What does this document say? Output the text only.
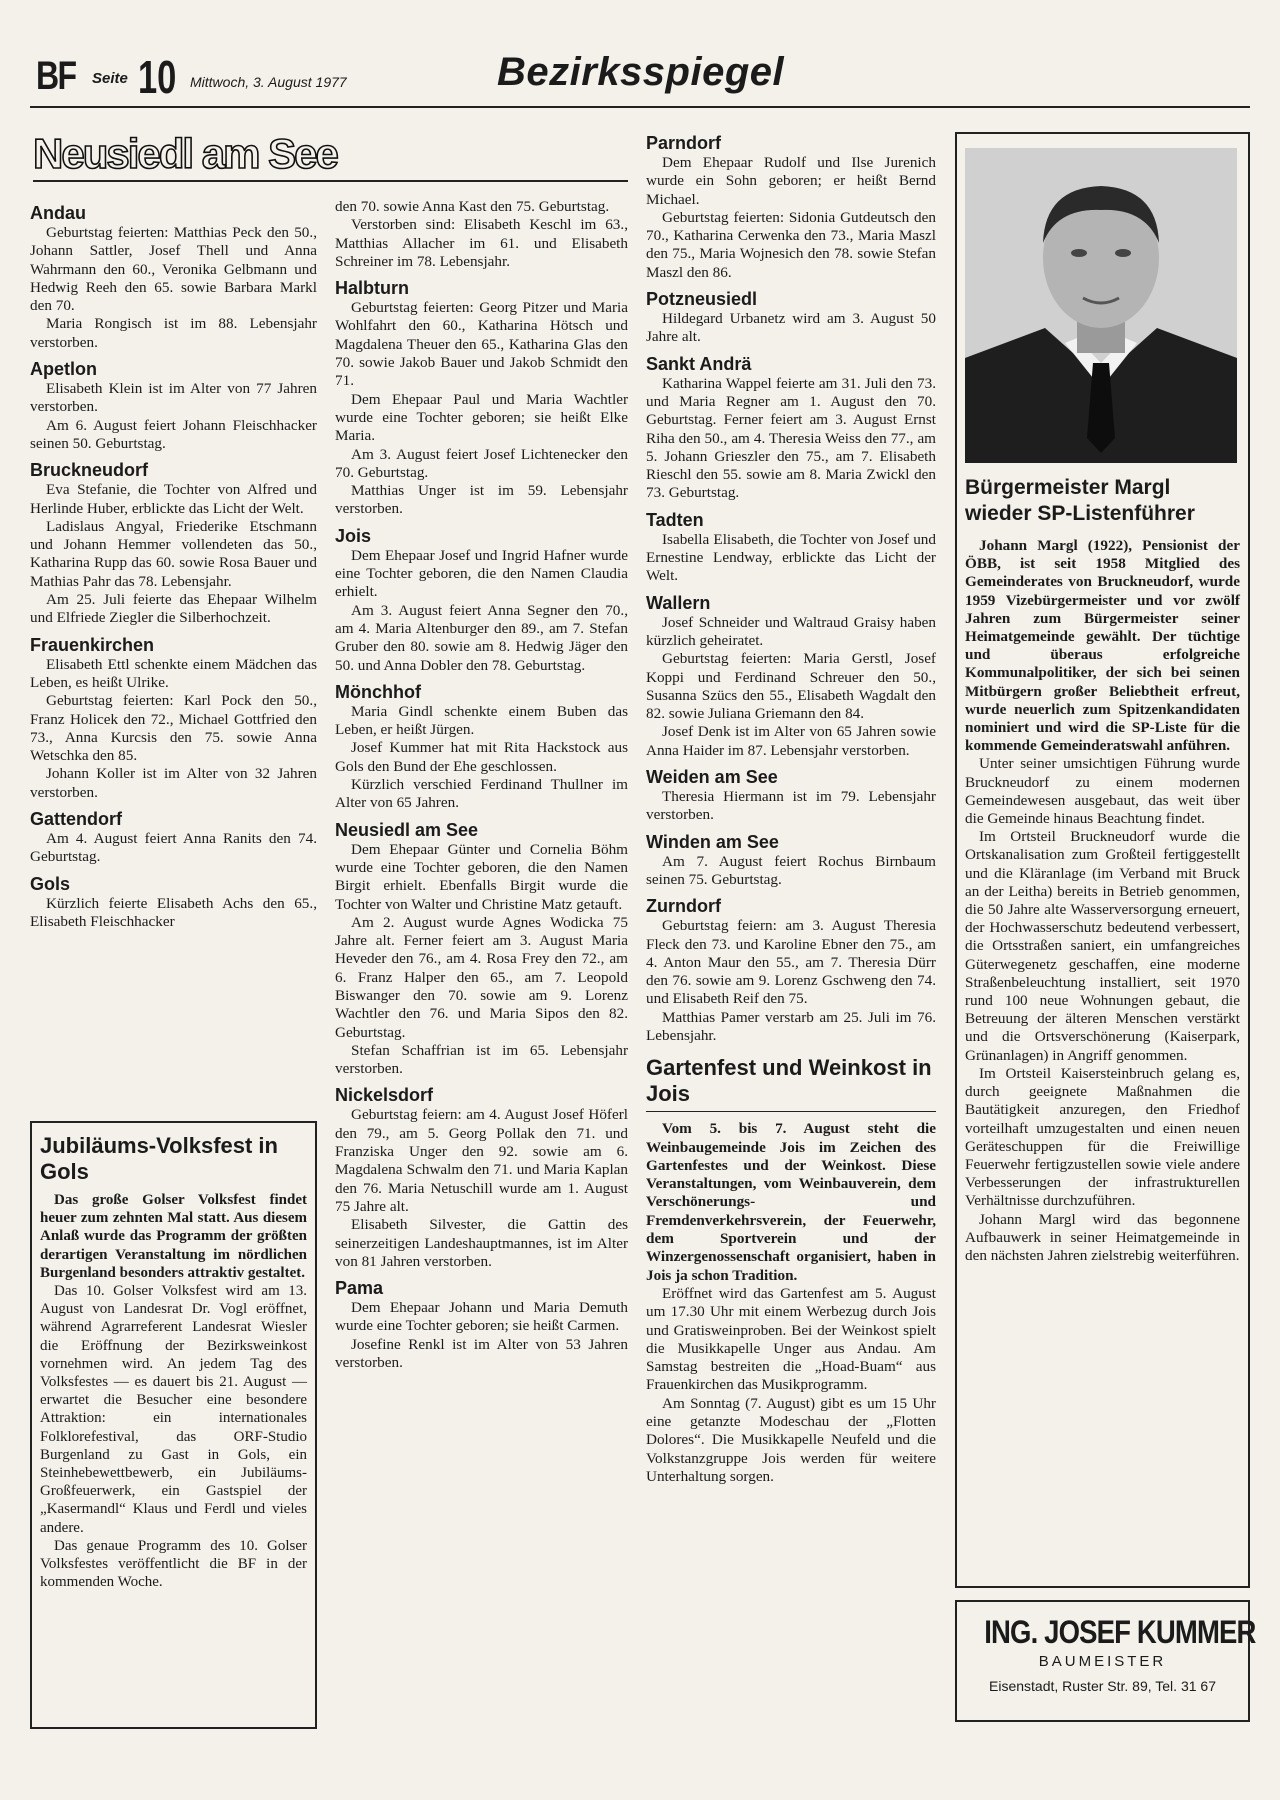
BF Seite 10 Mittwoch, 3. August 1977	Bezirksspiegel
Neusiedl am See
Andau

Geburtstag feierten: Matthias Peck den 50., Johann Sattler, Josef Thell und Anna Wahrmann den 60., Veronika Gelbmann und Hedwig Reeh den 65. sowie Barbara Markl den 70.

Maria Rongisch ist im 88. Lebensjahr verstorben.

Apetlon

Elisabeth Klein ist im Alter von 77 Jahren verstorben.

Am 6. August feiert Johann Fleischhacker seinen 50. Geburtstag.

Bruckneudorf

Eva Stefanie, die Tochter von Alfred und Herlinde Huber, erblickte das Licht der Welt.

Ladislaus Angyal, Friederike Etschmann und Johann Hemmer vollendeten das 50., Katharina Rupp das 60. sowie Rosa Bauer und Mathias Pahr das 78. Lebensjahr.

Am 25. Juli feierte das Ehepaar Wilhelm und Elfriede Ziegler die Silberhochzeit.

Frauenkirchen

Elisabeth Ettl schenkte einem Mädchen das Leben, es heißt Ulrike.

Geburtstag feierten: Karl Pock den 50., Franz Holicek den 72., Michael Gottfried den 73., Anna Kurcsis den 75. sowie Anna Wetschka den 85.

Johann Koller ist im Alter von 32 Jahren verstorben.

Gattendorf

Am 4. August feiert Anna Ranits den 74. Geburtstag.

Gols

Kürzlich feierte Elisabeth Achs den 65., Elisabeth Fleischhacker

Jubiläums-Volksfest in Gols

Das große Golser Volksfest findet heuer zum zehnten Mal statt. Aus diesem Anlaß wurde das Programm der größten derartigen Veranstaltung im nördlichen Burgenland besonders attraktiv gestaltet.

Das 10. Golser Volksfest wird am 13. August von Landesrat Dr. Vogl eröffnet, während Agrarreferent Landesrat Wiesler die Eröffnung der Bezirksweinkost vornehmen wird. An jedem Tag des Volksfestes — es dauert bis 21. August — erwartet die Besucher eine besondere Attraktion: ein internationales Folklorefestival, das ORF-Studio Burgenland zu Gast in Gols, ein Steinhebewettbewerb, ein Jubiläums-Großfeuerwerk, ein Gastspiel der „Kasermandl“ Klaus und Ferdl und vieles andere.

Das genaue Programm des 10. Golser Volksfestes veröffentlicht die BF in der kommenden Woche.

den 70. sowie Anna Kast den 75. Geburtstag.

Verstorben sind: Elisabeth Keschl im 63., Matthias Allacher im 61. und Elisabeth Schreiner im 78. Lebensjahr.

Halbturn

Geburtstag feierten: Georg Pitzer und Maria Wohlfahrt den 60., Katharina Hötsch und Magdalena Theuer den 65., Katharina Glas den 70. sowie Jakob Bauer und Jakob Schmidt den 71.

Dem Ehepaar Paul und Maria Wachtler wurde eine Tochter geboren; sie heißt Elke Maria.

Am 3. August feiert Josef Lichtenecker den 70. Geburtstag.

Matthias Unger ist im 59. Lebensjahr verstorben.

Jois

Dem Ehepaar Josef und Ingrid Hafner wurde eine Tochter geboren, die den Namen Claudia erhielt.

Am 3. August feiert Anna Segner den 70., am 4. Maria Altenburger den 89., am 7. Stefan Gruber den 80. sowie am 8. Hedwig Jäger den 50. und Anna Dobler den 78. Geburtstag.

Mönchhof

Maria Gindl schenkte einem Buben das Leben, er heißt Jürgen.

Josef Kummer hat mit Rita Hackstock aus Gols den Bund der Ehe geschlossen.

Kürzlich verschied Ferdinand Thullner im Alter von 65 Jahren.

Neusiedl am See

Dem Ehepaar Günter und Cornelia Böhm wurde eine Tochter geboren, die den Namen Birgit erhielt. Ebenfalls Birgit wurde die Tochter von Walter und Christine Matz getauft.

Am 2. August wurde Agnes Wodicka 75 Jahre alt. Ferner feiert am 3. August Maria Heveder den 76., am 4. Rosa Frey den 72., am 6. Franz Halper den 65., am 7. Leopold Biswanger den 70. sowie am 9. Lorenz Wachtler den 76. und Maria Sipos den 82. Geburtstag.

Stefan Schaffrian ist im 65. Lebensjahr verstorben.

Nickelsdorf

Geburtstag feiern: am 4. August Josef Höferl den 79., am 5. Georg Pollak den 71. und Franziska Unger den 92. sowie am 6. Magdalena Schwalm den 71. und Maria Kaplan den 76. Maria Netuschill wurde am 1. August 75 Jahre alt.

Elisabeth Silvester, die Gattin des seinerzeitigen Landeshauptmannes, ist im Alter von 81 Jahren verstorben.

Pama

Dem Ehepaar Johann und Maria Demuth wurde eine Tochter geboren; sie heißt Carmen.

Josefine Renkl ist im Alter von 53 Jahren verstorben.

Parndorf

Dem Ehepaar Rudolf und Ilse Jurenich wurde ein Sohn geboren; er heißt Bernd Michael.

Geburtstag feierten: Sidonia Gutdeutsch den 70., Katharina Cerwenka den 73., Maria Maszl den 75., Maria Wojnesich den 78. sowie Stefan Maszl den 86.

Potzneusiedl

Hildegard Urbanetz wird am 3. August 50 Jahre alt.

Sankt Andrä

Katharina Wappel feierte am 31. Juli den 73. und Maria Regner am 1. August den 70. Geburtstag. Ferner feiert am 3. August Ernst Riha den 50., am 4. Theresia Weiss den 77., am 5. Johann Grieszler den 75., am 7. Elisabeth Rieschl den 55. sowie am 8. Maria Zwickl den 73. Geburtstag.

Tadten

Isabella Elisabeth, die Tochter von Josef und Ernestine Lendway, erblickte das Licht der Welt.

Wallern

Josef Schneider und Waltraud Graisy haben kürzlich geheiratet.

Geburtstag feierten: Maria Gerstl, Josef Koppi und Ferdinand Schreuer den 50., Susanna Szücs den 55., Elisabeth Wagdalt den 82. sowie Juliana Griemann den 84.

Josef Denk ist im Alter von 65 Jahren sowie Anna Haider im 87. Lebensjahr verstorben.

Weiden am See

Theresia Hiermann ist im 79. Lebensjahr verstorben.

Winden am See

Am 7. August feiert Rochus Birnbaum seinen 75. Geburtstag.

Zurndorf

Geburtstag feiern: am 3. August Theresia Fleck den 73. und Karoline Ebner den 75., am 4. Anton Maur den 55., am 7. Theresia Dürr den 76. sowie am 9. Lorenz Gschweng den 74. und Elisabeth Reif den 75.

Matthias Pamer verstarb am 25. Juli im 76. Lebensjahr.

Gartenfest und Weinkost in Jois

Vom 5. bis 7. August steht die Weinbaugemeinde Jois im Zeichen des Gartenfestes und der Weinkost. Diese Veranstaltungen, vom Weinbauverein, dem Verschönerungs- und Fremdenverkehrsverein, der Feuerwehr, dem Sportverein und der Winzergenossenschaft organisiert, haben in Jois ja schon Tradition.

Eröffnet wird das Gartenfest am 5. August um 17.30 Uhr mit einem Werbezug durch Jois und Gratisweinproben. Bei der Weinkost spielt die Musikkapelle Unger aus Andau. Am Samstag bestreiten die „Hoad-Buam“ aus Frauenkirchen das Musikprogramm.

Am Sonntag (7. August) gibt es um 15 Uhr eine getanzte Modeschau der „Flotten Dolores“. Die Musikkapelle Neufeld und die Volkstanzgruppe Jois werden für weitere Unterhaltung sorgen.

Bürgermeister Margl wieder SP-Listenführer

Johann Margl (1922), Pensionist der ÖBB, ist seit 1958 Mitglied des Gemeinderates von Bruckneudorf, wurde 1959 Vizebürgermeister und vor zwölf Jahren zum Bürgermeister seiner Heimatgemeinde gewählt. Der tüchtige und überaus erfolgreiche Kommunalpolitiker, der sich bei seinen Mitbürgern großer Beliebtheit erfreut, wurde neuerlich zum Spitzenkandidaten nominiert und wird die SP-Liste für die kommende Gemeinderatswahl anführen.

Unter seiner umsichtigen Führung wurde Bruckneudorf zu einem modernen Gemeindewesen ausgebaut, das weit über die Gemeinde hinaus Beachtung findet.

Im Ortsteil Bruckneudorf wurde die Ortskanalisation zum Großteil fertiggestellt und die Kläranlage (im Verband mit Bruck an der Leitha) bereits in Betrieb genommen, die 50 Jahre alte Wasserversorgung erneuert, der Hochwasserschutz bedeutend verbessert, die Ortsstraßen saniert, ein umfangreiches Güterwegenetz geschaffen, eine moderne Straßenbeleuchtung installiert, seit 1970 rund 100 neue Wohnungen gebaut, die Betreuung der älteren Menschen verstärkt und die Ortsverschönerung (Kaiserpark, Grünanlagen) in Angriff genommen.

Im Ortsteil Kaisersteinbruch gelang es, durch geeignete Maßnahmen die Bautätigkeit anzuregen, den Friedhof vorteilhaft umzugestalten und einen neuen Geräteschuppen für die Freiwillige Feuerwehr fertigzustellen sowie viele andere Verbesserungen der infrastrukturellen Verhältnisse durchzuführen.

Johann Margl wird das begonnene Aufbauwerk in seiner Heimatgemeinde in den nächsten Jahren zielstrebig weiterführen.

ING. JOSEF KUMMER
BAUMEISTER
Eisenstadt, Ruster Str. 89, Tel. 31 67
